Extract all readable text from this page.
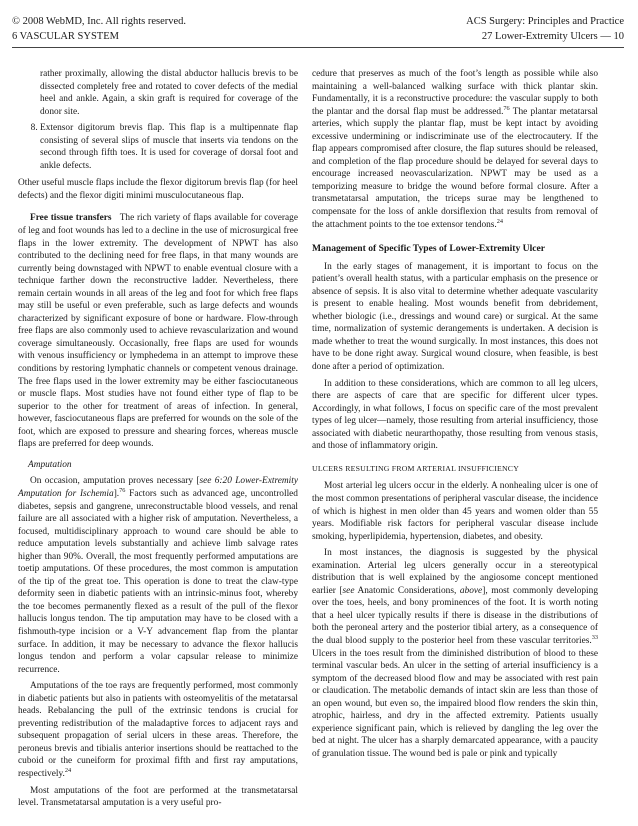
© 2008 WebMD, Inc. All rights reserved.
6 VASCULAR SYSTEM
ACS Surgery: Principles and Practice
27 Lower-Extremity Ulcers — 10

rather proximally, allowing the distal abductor hallucis brevis to be dissected completely free and rotated to cover defects of the medial heel and ankle. Again, a skin graft is required for coverage of the donor site.

8. Extensor digitorum brevis flap. This flap is a multipennate flap consisting of several slips of muscle that inserts via tendons on the second through fifth toes. It is used for coverage of dorsal foot and ankle defects.

Other useful muscle flaps include the flexor digitorum brevis flap (for heel defects) and the flexor digiti minimi musculocutaneous flap.

Free tissue transfers The rich variety of flaps available for coverage of leg and foot wounds has led to a decline in the use of microsurgical free flaps in the lower extremity. The development of NPWT has also contributed to the declining need for free flaps, in that many wounds are currently being downstaged with NPWT to enable eventual closure with a technique farther down the reconstructive ladder. Nevertheless, there remain certain wounds in all areas of the leg and foot for which free flaps may still be useful or even preferable, such as large defects and wounds characterized by significant exposure of bone or hardware. Flow-through free flaps are also commonly used to achieve revascularization and wound coverage simultaneously. Occasionally, free flaps are used for wounds with venous insufficiency or lymphedema in an attempt to improve these conditions by restoring lymphatic channels or competent venous drainage. The free flaps used in the lower extremity may be either fasciocutaneous or muscle flaps. Most studies have not found either type of flap to be superior to the other for treatment of areas of infection. In general, however, fasciocutaneous flaps are preferred for wounds on the sole of the foot, which are exposed to pressure and shearing forces, whereas muscle flaps are preferred for deep wounds.

Amputation

On occasion, amputation proves necessary [see 6:20 Lower-Extremity Amputation for Ischemia].$^{76}$ Factors such as advanced age, uncontrolled diabetes, sepsis and gangrene, unreconstructable blood vessels, and renal failure are all associated with a higher risk of amputation. Nevertheless, a focused, multidisciplinary approach to wound care should be able to reduce amputation levels substantially and achieve limb salvage rates higher than 90%. Overall, the most frequently performed amputations are toetip amputations. Of these procedures, the most common is amputation of the tip of the great toe. This operation is done to treat the claw-type deformity seen in diabetic patients with an intrinsic-minus foot, whereby the toe becomes permanently flexed as a result of the pull of the flexor hallucis longus tendon. The tip amputation may have to be closed with a fishmouth-type incision or a V-Y advancement flap from the plantar surface. In addition, it may be necessary to advance the flexor hallucis longus tendon and perform a volar capsular release to minimize recurrence.

Amputations of the toe rays are frequently performed, most commonly in diabetic patients but also in patients with osteomyelitis of the metatarsal heads. Rebalancing the pull of the extrinsic tendons is crucial for preventing redistribution of the maladaptive forces to adjacent rays and subsequent propagation of serial ulcers in these areas. Therefore, the peroneus brevis and tibialis anterior insertions should be reattached to the cuboid or the cuneiform for proximal fifth and first ray amputations, respectively.$^{24}$

Most amputations of the foot are performed at the transmetatarsal level. Transmetatarsal amputation is a very useful pro-

cedure that preserves as much of the foot’s length as possible while also maintaining a well-balanced walking surface with thick plantar skin. Fundamentally, it is a reconstructive procedure: the vascular supply to both the plantar and the dorsal flap must be addressed.$^{76}$ The plantar metatarsal arteries, which supply the plantar flap, must be kept intact by avoiding excessive undermining or indiscriminate use of the electrocautery. If the flap appears compromised after closure, the flap sutures should be released, and completion of the flap procedure should be delayed for several days to encourage increased neovascularization. NPWT may be used as a temporizing measure to bridge the wound before formal closure. After a transmetatarsal amputation, the triceps surae may be lengthened to compensate for the loss of ankle dorsiflexion that results from removal of the attachment points to the toe extensor tendons.$^{24}$

Management of Specific Types of Lower-Extremity Ulcer

In the early stages of management, it is important to focus on the patient’s overall health status, with a particular emphasis on the presence or absence of sepsis. It is also vital to determine whether adequate vascularity is present to enable healing. Most wounds benefit from debridement, whether biologic (i.e., dressings and wound care) or surgical. At the same time, normalization of systemic derangements is undertaken. A decision is made whether to treat the wound surgically. In most instances, this does not have to be done right away. Surgical wound closure, when feasible, is best done after a period of optimization.

In addition to these considerations, which are common to all leg ulcers, there are aspects of care that are specific for different ulcer types. Accordingly, in what follows, I focus on specific care of the most prevalent types of leg ulcer—namely, those resulting from arterial insufficiency, those associated with diabetic neurarthopathy, those resulting from venous stasis, and those of inflammatory origin.

ULCERS RESULTING FROM ARTERIAL INSUFFICIENCY

Most arterial leg ulcers occur in the elderly. A nonhealing ulcer is one of the most common presentations of peripheral vascular disease, the incidence of which is highest in men older than 45 years and women older than 55 years. Modifiable risk factors for peripheral vascular disease include smoking, hyperlipidemia, hypertension, diabetes, and obesity.

In most instances, the diagnosis is suggested by the physical examination. Arterial leg ulcers generally occur in a stereotypical distribution that is well explained by the angiosome concept mentioned earlier [see Anatomic Considerations, above], most commonly developing over the toes, heels, and bony prominences of the foot. It is worth noting that a heel ulcer typically results if there is disease in the distributions of both the peroneal artery and the posterior tibial artery, as a consequence of the dual blood supply to the posterior heel from these vascular territories.$^{33}$ Ulcers in the toes result from the diminished distribution of blood to these terminal vascular beds. An ulcer in the setting of arterial insufficiency is a symptom of the decreased blood flow and may be associated with rest pain or claudication. The metabolic demands of intact skin are less than those of an open wound, but even so, the impaired blood flow renders the skin thin, atrophic, hairless, and dry in the affected extremity. Patients usually experience significant pain, which is relieved by dangling the leg over the bed at night. The ulcer has a sharply demarcated appearance, with a paucity of granulation tissue. The wound bed is pale or pink and typically
